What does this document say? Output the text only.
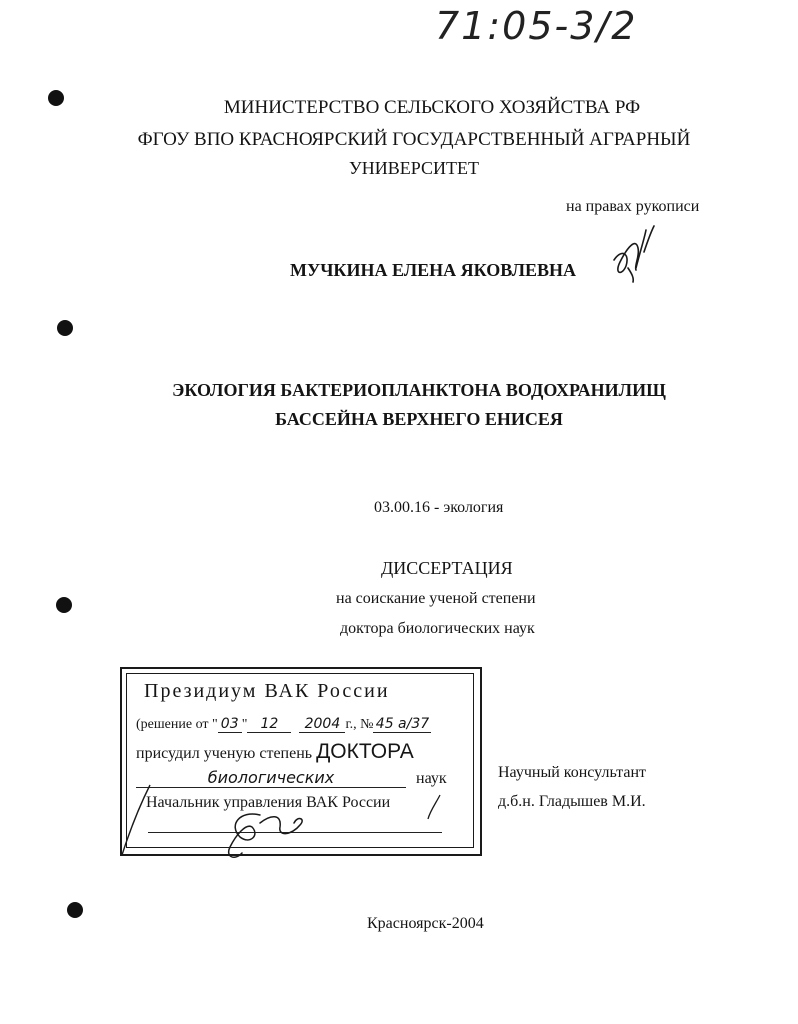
71:05-3/2
МИНИСТЕРСТВО СЕЛЬСКОГО ХОЗЯЙСТВА РФ
ФГОУ ВПО КРАСНОЯРСКИЙ ГОСУДАРСТВЕННЫЙ АГРАРНЫЙ
УНИВЕРСИТЕТ
на правах рукописи
МУЧКИНА ЕЛЕНА ЯКОВЛЕВНА
ЭКОЛОГИЯ БАКТЕРИОПЛАНКТОНА ВОДОХРАНИЛИЩ
БАССЕЙНА ВЕРХНЕГО ЕНИСЕЯ
03.00.16 - экология
ДИССЕРТАЦИЯ
на соискание ученой степени
доктора биологических наук
Президиум ВАК России
(решение от " 03 " 12 2004 г., № 45 а/37
присудил ученую степень ДОКТОРА
биологических	наук
Начальник управления ВАК России
Научный консультант
д.б.н. Гладышев М.И.
Красноярск-2004
